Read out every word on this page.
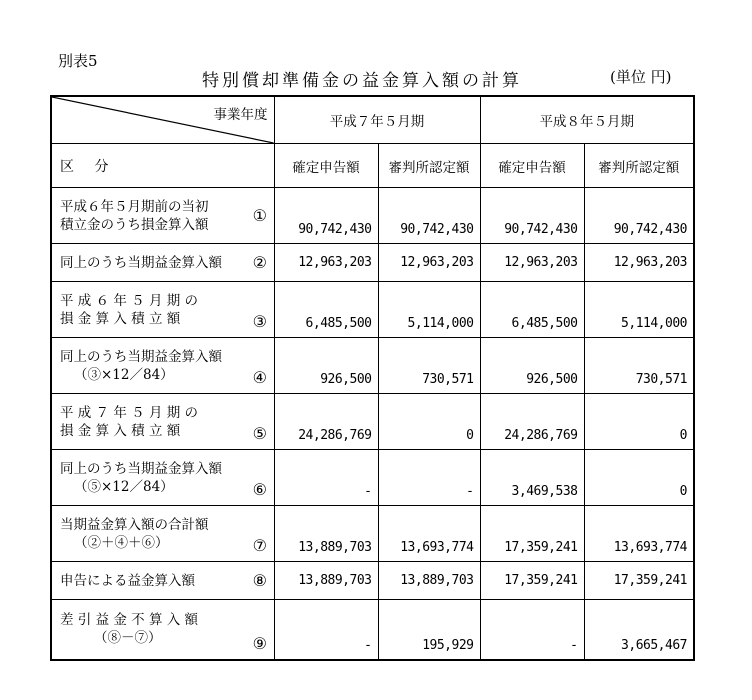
別表5
特別償却準備金の益金算入額の計算	(単位 円)
事業年度		平成７年５月期		平成８年５月期	
区 分		確定申告額	審判所認定額	確定申告額	審判所認定額

平成６年５月期前の当初
積立金のうち損金算入額	①	90,742,430	90,742,430	90,742,430	90,742,430

同上のうち当期益金算入額	②	12,963,203	12,963,203	12,963,203	12,963,203

平 成 ６ 年 ５ 月 期 の
損 金 算 入 積 立 額	③	6,485,500	5,114,000	6,485,500	5,114,000

同上のうち当期益金算入額
（③×12／84）	④	926,500	730,571	926,500	730,571

平 成 ７ 年 ５ 月 期 の
損 金 算 入 積 立 額	⑤	24,286,769	0	24,286,769	0

同上のうち当期益金算入額
（⑤×12／84）	⑥	-	-	3,469,538	0

当期益金算入額の合計額
（②＋④＋⑥）	⑦	13,889,703	13,693,774	17,359,241	13,693,774

申告による益金算入額	⑧	13,889,703	13,889,703	17,359,241	17,359,241

差 引 益 金 不 算 入 額
（⑧－⑦）	⑨	-	195,929	-	3,665,467
